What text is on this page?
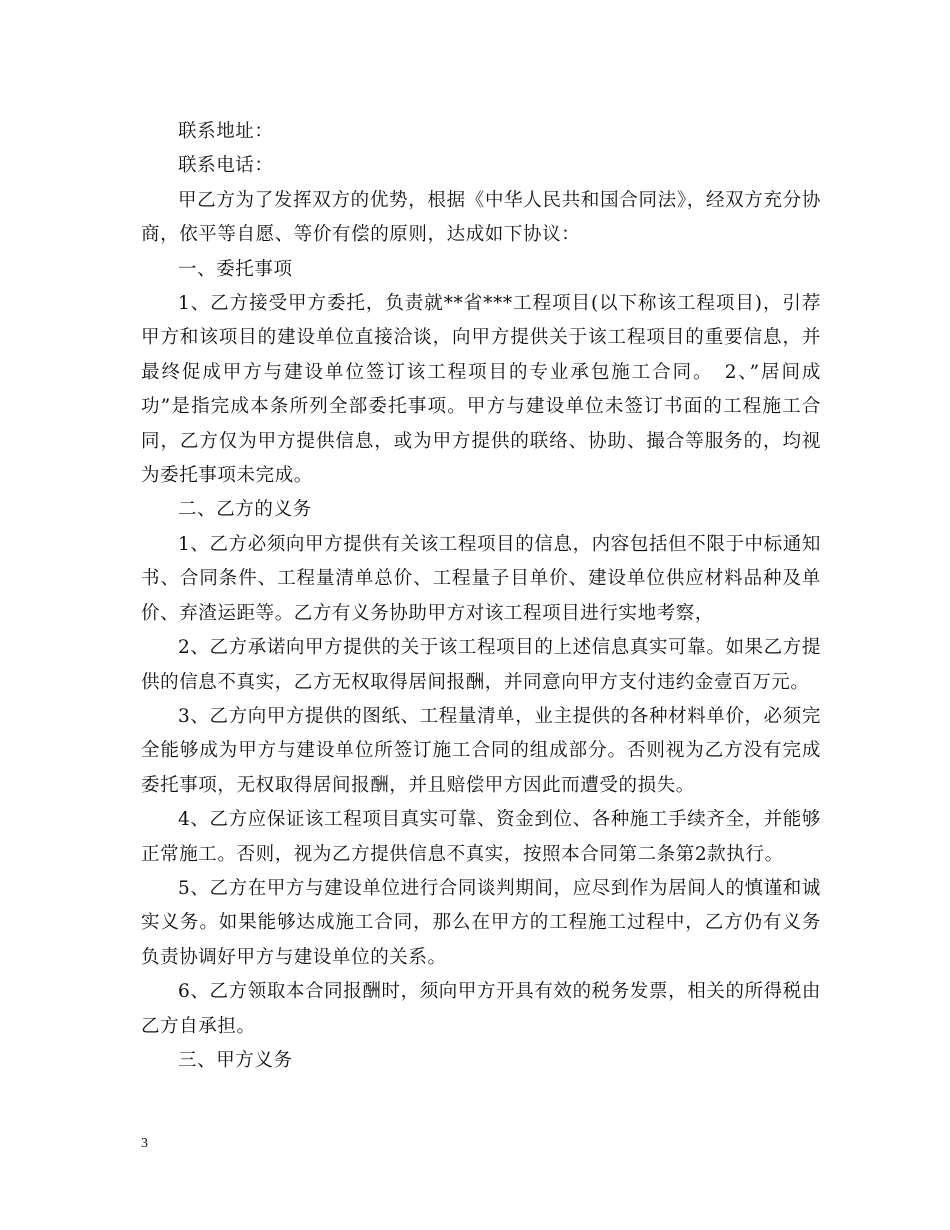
联系地址：

联系电话：

甲乙方为了发挥双方的优势，根据《中华人民共和国合同法》，经双方充分协商，依平等自愿、等价有偿的原则，达成如下协议：

一、委托事项

1、乙方接受甲方委托，负责就**省***工程项目(以下称该工程项目)，引荐甲方和该项目的建设单位直接洽谈，向甲方提供关于该工程项目的重要信息，并最终促成甲方与建设单位签订该工程项目的专业承包施工合同。　2、”居间成功”是指完成本条所列全部委托事项。甲方与建设单位未签订书面的工程施工合同，乙方仅为甲方提供信息，或为甲方提供的联络、协助、撮合等服务的，均视为委托事项未完成。

二、乙方的义务

1、乙方必须向甲方提供有关该工程项目的信息，内容包括但不限于中标通知书、合同条件、工程量清单总价、工程量子目单价、建设单位供应材料品种及单价、弃渣运距等。乙方有义务协助甲方对该工程项目进行实地考察，

2、乙方承诺向甲方提供的关于该工程项目的上述信息真实可靠。如果乙方提供的信息不真实，乙方无权取得居间报酬，并同意向甲方支付违约金壹百万元。

3、乙方向甲方提供的图纸、工程量清单，业主提供的各种材料单价，必须完全能够成为甲方与建设单位所签订施工合同的组成部分。否则视为乙方没有完成委托事项，无权取得居间报酬，并且赔偿甲方因此而遭受的损失。

4、乙方应保证该工程项目真实可靠、资金到位、各种施工手续齐全，并能够正常施工。否则，视为乙方提供信息不真实，按照本合同第二条第2款执行。

5、乙方在甲方与建设单位进行合同谈判期间，应尽到作为居间人的慎谨和诚实义务。如果能够达成施工合同，那么在甲方的工程施工过程中，乙方仍有义务负责协调好甲方与建设单位的关系。

6、乙方领取本合同报酬时，须向甲方开具有效的税务发票，相关的所得税由乙方自承担。

三、甲方义务

3
